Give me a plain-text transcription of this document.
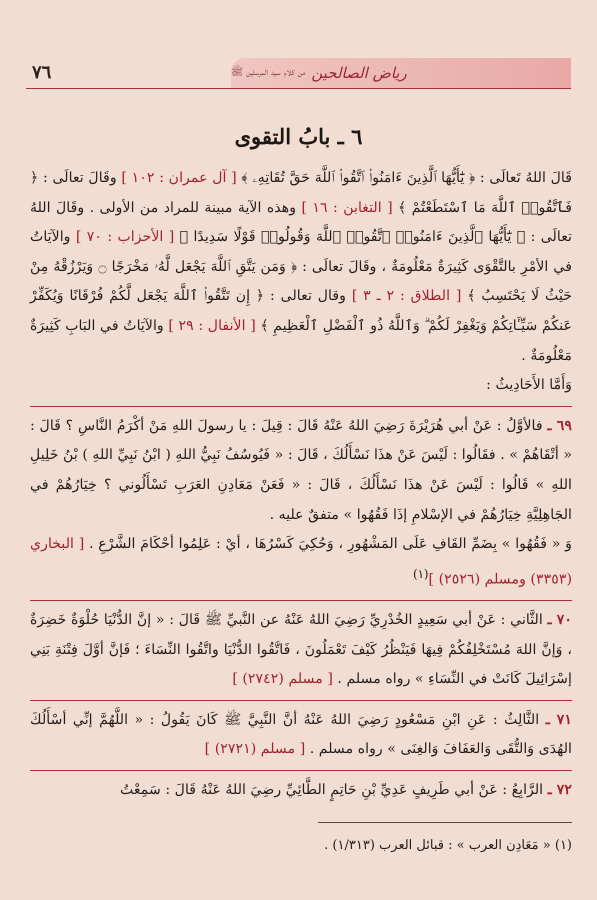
٧٦	رياض الصالحين
من كلام سيد المرسلين ﷺ
٦ ـ بابُ التقوى

قَالَ اللهُ تَعالَى : ﴿ يَٰٓأَيُّهَا ٱلَّذِينَ ءَامَنُوا۟ ٱتَّقُوا۟ ٱللَّهَ حَقَّ تُقَاتِهِۦ ﴾ [ آل عمران : ١٠٢ ] وقَالَ تعالَى : ﴿ فَٱتَّقُوا۟ ٱللَّهَ مَا ٱسْتَطَعْتُمْ ﴾ [ التغابن : ١٦ ] وهذه الآية مبينة للمراد من الأولى . وقَالَ اللهُ تعالَى : ﴿ يَٰٓأَيُّهَا ٱلَّذِينَ ءَامَنُوا۟ ٱتَّقُوا۟ ٱللَّهَ وَقُولُوا۟ قَوْلًا سَدِيدًا ﴾ [ الأحزاب : ٧٠ ] والآيَاتُ في الأمْرِ بالتَّقْوَى كَثِيرَةٌ مَعْلُومَةٌ ، وقَالَ تعالَى : ﴿ وَمَن يَتَّقِ ٱللَّهَ يَجْعَل لَّهُۥ مَخْرَجًا ۝ وَيَرْزُقْهُ مِنْ حَيْثُ لَا يَحْتَسِبُ ﴾ [ الطلاق : ٢ ـ ٣ ] وقال تعالى : ﴿ إِن تَتَّقُوا۟ ٱللَّهَ يَجْعَل لَّكُمْ فُرْقَانًا وَيُكَفِّرْ عَنكُمْ سَيِّـَٔاتِكُمْ وَيَغْفِرْ لَكُمْ ۗ وَٱللَّهُ ذُو ٱلْفَضْلِ ٱلْعَظِيمِ ﴾ [ الأنفال : ٢٩ ] والآيَاتُ في البَابِ كَثِيرَةٌ مَعْلُومَةٌ .

وَأَمَّا الأَحَادِيثُ :

٦٩ ـ فالأوَّلُ : عَنْ أبي هُرَيْرَةَ رَضِيَ اللهُ عَنْهُ قَالَ : قِيلَ : يا رسولَ اللهِ مَنْ أكْرَمُ النَّاسِ ؟ قَالَ : « أتْقَاهُمْ » . فقَالُوا : لَيْسَ عَنْ هذَا نَسْأَلُكَ ، قَالَ : « فَيُوسُفُ نَبِيُّ اللهِ ( ابْنُ نَبِيِّ اللهِ ) بْنُ خَلِيلِ اللهِ » قَالُوا : لَيْسَ عَنْ هذَا نَسْأَلُكَ ، قَالَ : « فَعَنْ مَعَادِنِ العَرَبِ تَسْأَلُوني ؟ خِيَارُهُمْ في الجَاهِلِيَّةِ خِيَارُهُمْ في الإسْلامِ إذَا فَقُهُوا » متفقٌ عليه .

وَ « فَقُهُوا » بِضَمِّ القَافِ عَلَى المَشْهُورِ ، وَحُكِيَ كَسْرُهَا ، أيْ : عَلِمُوا أحْكَامَ الشَّرْعِ . [ البخاري (٣٣٥٣) ومسلم (٢٥٢٦) ]$^{(١)}$

٧٠ ـ الثَّاني : عَنْ أبي سَعِيدٍ الخُدْرِيِّ رَضِيَ اللهُ عَنْهُ عن النَّبيِّ ﷺ قَالَ : « إنَّ الدُّنْيَا حُلْوَةٌ خَضِرَةٌ ، وَإنَّ اللهَ مُسْتَخْلِفُكُمْ فِيهَا فَيَنْظُرُ كَيْفَ تَعْمَلُونَ ، فَاتَّقُوا الدُّنْيَا واتَّقُوا النِّسَاءَ ؛ فَإنَّ أوَّلَ فِتْنَةِ بَنِي إسْرَائِيلَ كَانَتْ في النِّسَاءِ » رواه مسلم . [ مسلم (٢٧٤٢) ]

٧١ ـ الثَّالِثُ : عَنِ ابْنِ مَسْعُودٍ رَضِيَ اللهُ عَنْهُ أنَّ النَّبِيَّ ﷺ كَانَ يَقُولُ : « اللَّهُمَّ إنِّي أسْأَلُكَ الهُدَى وَالتُّقَى وَالعَفَافَ وَالغِنَى » رواه مسلم . [ مسلم (٢٧٢١) ]

٧٢ ـ الرَّابِعُ : عَنْ أبي طَرِيفٍ عَدِيِّ بْنِ حَاتِمٍ الطَّائِيِّ رضِيَ اللهُ عَنْهُ قَالَ : سَمِعْتُ

(١) « مَعَادِن العرب » : قبائل العرب (١/٣١٣) .
